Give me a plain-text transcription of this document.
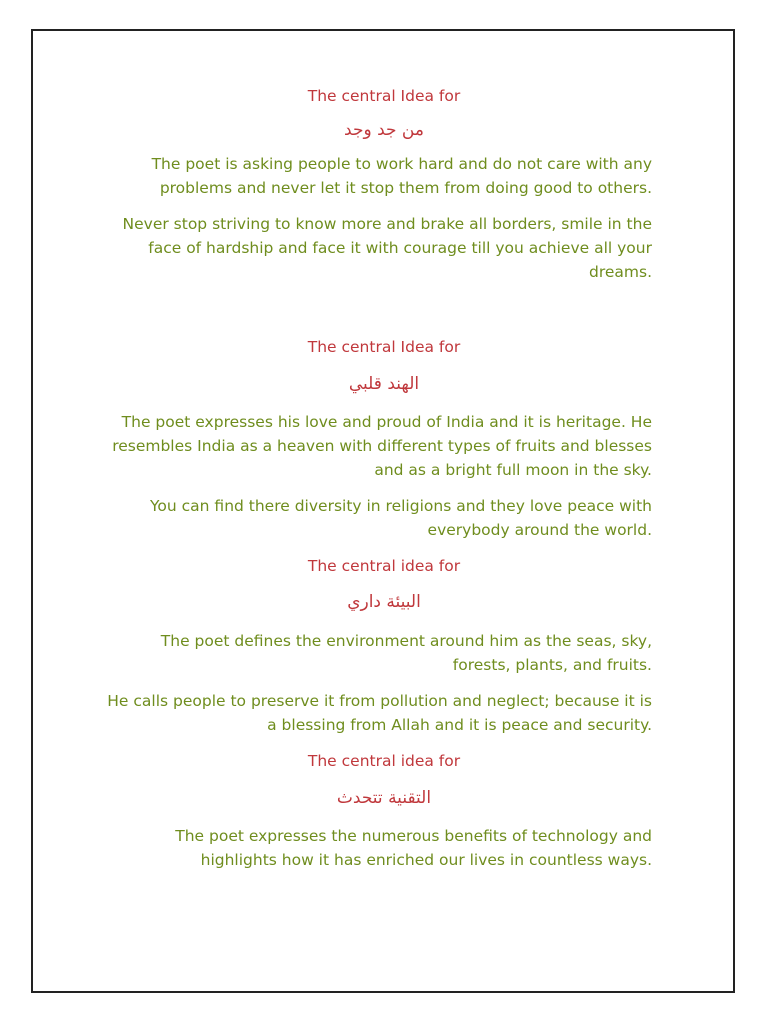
The central Idea for
من جد وجد
The poet is asking people to work hard and do not care with any
problems and never let it stop them from doing good to others.
Never stop striving to know more and brake all borders, smile in the
face of hardship and face it with courage till you achieve all your
dreams.
The central Idea for
الهند قلبي
The poet expresses his love and proud of India and it is heritage. He
resembles India as a heaven with different types of fruits and blesses
and as a bright full moon in the sky.
You can find there diversity in religions and they love peace with
everybody around the world.
The central idea for
البيئة داري
The poet defines the environment around him as the seas, sky,
forests, plants, and fruits.
He calls people to preserve it from pollution and neglect; because it is
a blessing from Allah and it is peace and security.
The central idea for
التقنية تتحدث
The poet expresses the numerous benefits of technology and
highlights how it has enriched our lives in countless ways.
